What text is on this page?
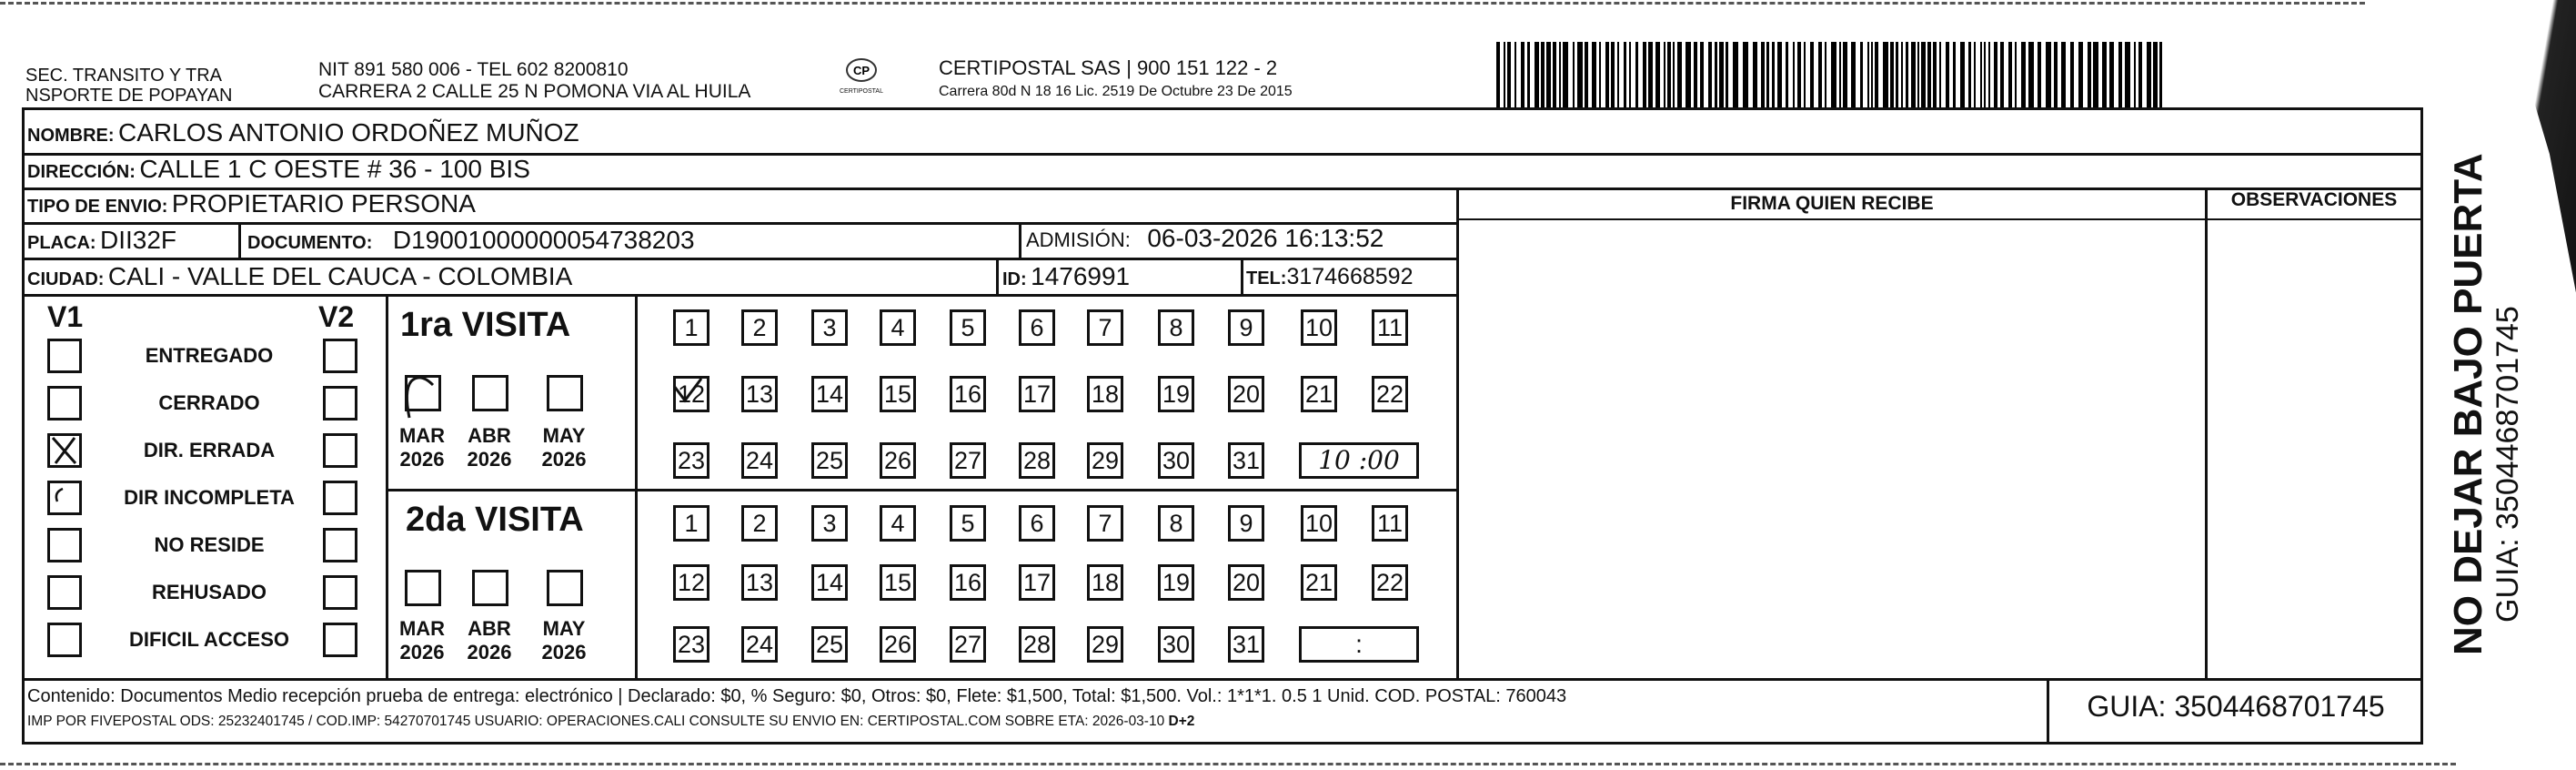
SEC. TRANSITO Y TRA
NSPORTE DE POPAYAN
NIT 891 580 006 - TEL 602 8200810
CARRERA 2 CALLE 25 N POMONA VIA AL HUILA
CP
CERTIPOSTAL
CERTIPOSTAL SAS | 900 151 122 - 2
Carrera 80d N 18 16 Lic. 2519 De Octubre 23 De 2015
NOMBRE: CARLOS ANTONIO ORDOÑEZ MUÑOZ
DIRECCIÓN: CALLE 1 C OESTE # 36 - 100 BIS
TIPO DE ENVIO: PROPIETARIO PERSONA	FIRMA QUIEN RECIBE	OBSERVACIONES
PLACA: DII32F	DOCUMENTO: D19001000000054738203	ADMISIÓN: 06-03-2026 16:13:52
CIUDAD: CALI - VALLE DEL CAUCA - COLOMBIA	ID: 1476991	TEL:3174668592
V1	V2
ENTREGADO
CERRADO
DIR. ERRADA
DIR INCOMPLETA
NO RESIDE
REHUSADO
DIFICIL ACCESO
1ra VISITA
2da VISITA
MAR
2026
ABR
2026
MAY
2026
MAR
2026
ABR
2026
MAY
2026
1	2	3	4	5	6	7	8	9	10 11
12 13 14 15 16 17 18 19 20 21 22
23 24 25 26 27 28 29 30 31	10 :00
1	2	3	4	5	6	7	8	9	10 11
12 13 14 15 16 17 18 19 20 21 22
23 24 25 26 27 28 29 30 31	:
Contenido: Documentos Medio recepción prueba de entrega: electrónico | Declarado: $0, % Seguro: $0, Otros: $0, Flete: $1,500, Total: $1,500. Vol.: 1*1*1. 0.5 1 Unid. COD. POSTAL: 760043
IMP POR FIVEPOSTAL ODS: 25232401745 / COD.IMP: 54270701745 USUARIO: OPERACIONES.CALI CONSULTE SU ENVIO EN: CERTIPOSTAL.COM SOBRE ETA: 2026-03-10 D+2	GUIA: 3504468701745
NO DEJAR BAJO PUERTA GUIA: 3504468701745
